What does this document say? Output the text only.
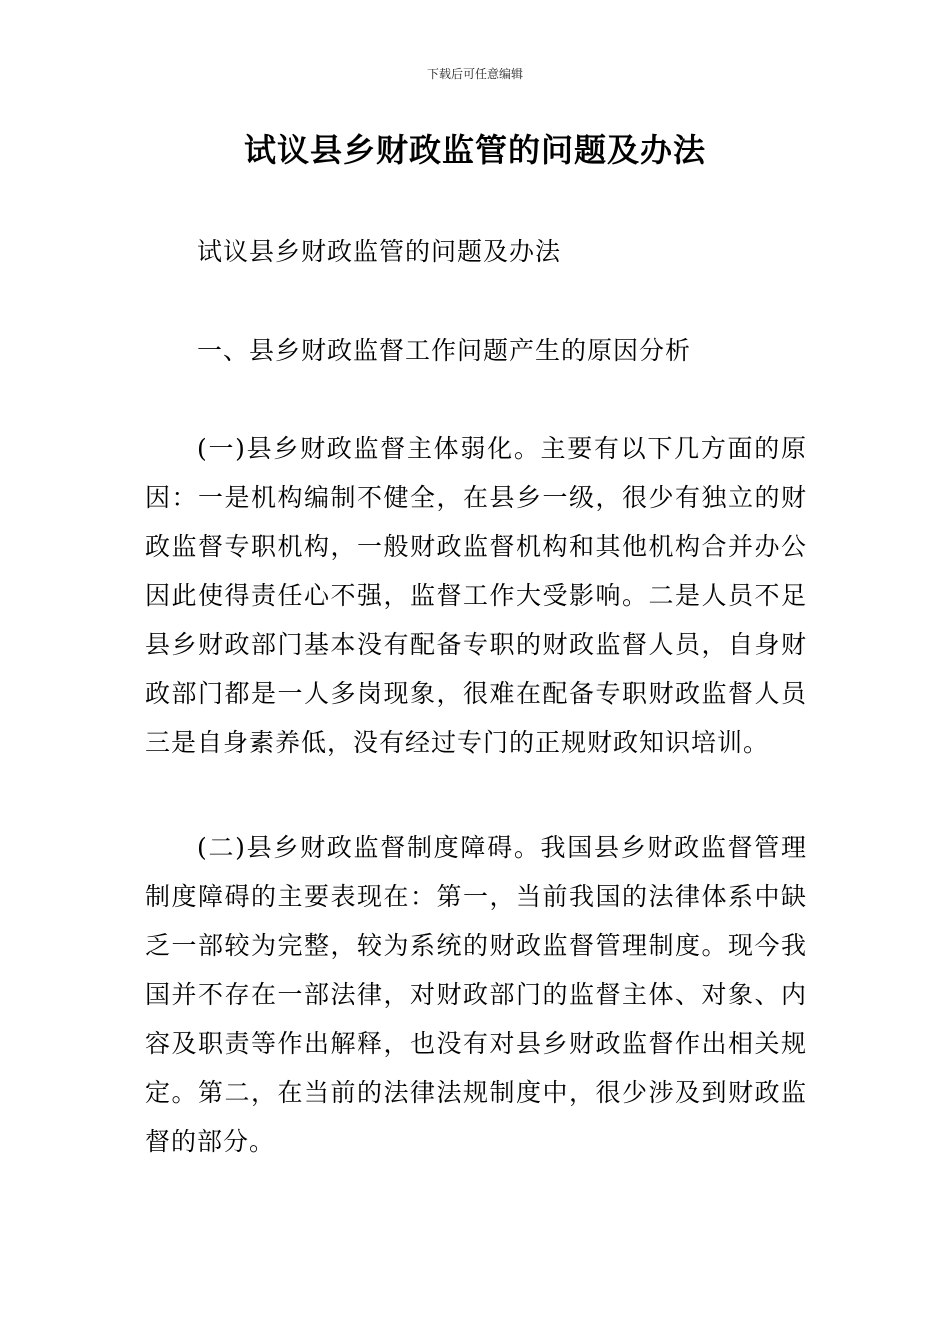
下载后可任意编辑
试议县乡财政监管的问题及办法
试议县乡财政监管的问题及办法
一、县乡财政监督工作问题产生的原因分析
(一)县乡财政监督主体弱化。主要有以下几方面的原因：一是机构编制不健全，在县乡一级，很少有独立的财政监督专职机构，一般财政监督机构和其他机构合并办公因此使得责任心不强，监督工作大受影响。二是人员不足县乡财政部门基本没有配备专职的财政监督人员，自身财政部门都是一人多岗现象，很难在配备专职财政监督人员三是自身素养低，没有经过专门的正规财政知识培训。
(二)县乡财政监督制度障碍。我国县乡财政监督管理制度障碍的主要表现在：第一，当前我国的法律体系中缺乏一部较为完整，较为系统的财政监督管理制度。现今我国并不存在一部法律，对财政部门的监督主体、对象、内容及职责等作出解释，也没有对县乡财政监督作出相关规定。第二，在当前的法律法规制度中，很少涉及到财政监督的部分。
